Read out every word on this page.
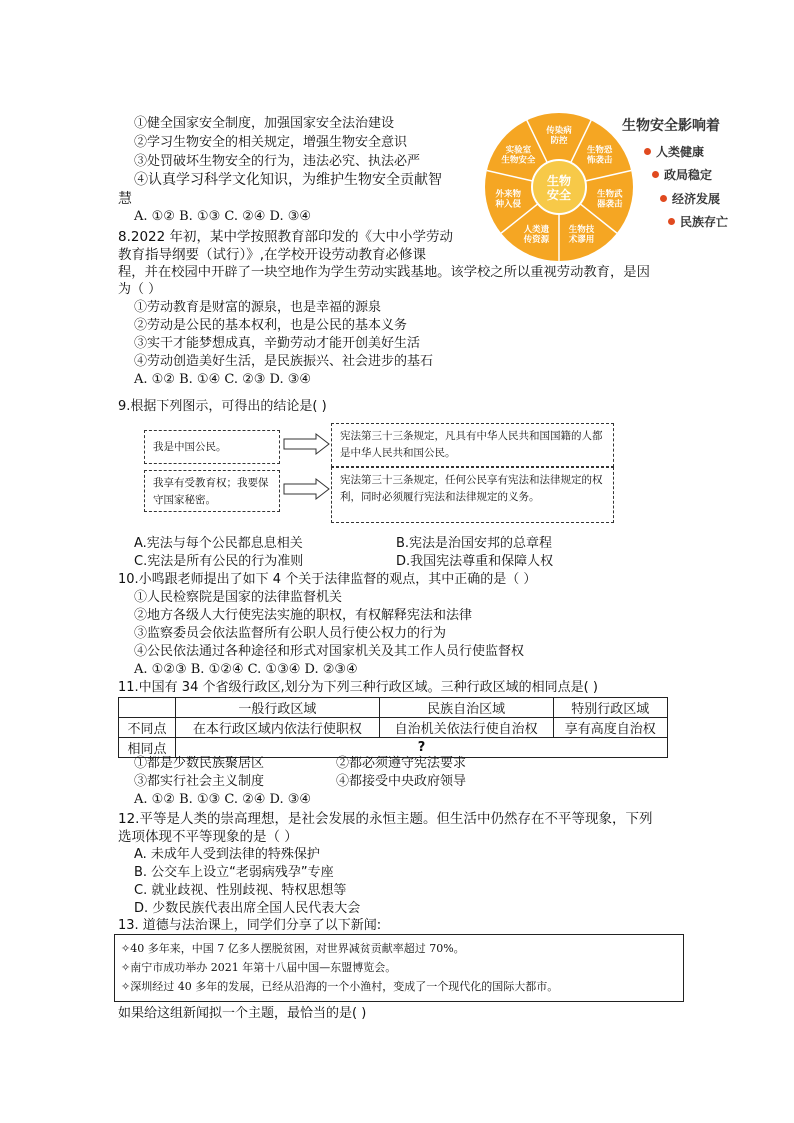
①健全国家安全制度，加强国家安全法治建设
②学习生物安全的相关规定，增强生物安全意识
③处罚破坏生物安全的行为，违法必究、执法必严
④认真学习科学文化知识，为维护生物安全贡献智
慧
A. ①② B. ①③ C. ②④ D. ③④
传染病防控
生物恐怖袭击
生物武器袭击
生物技术谬用
人类遗传资源
外来物种入侵
实验室生物安全
生物安全
生物安全影响着
人类健康
政局稳定
经济发展
民族存亡
8.2022 年初，某中学按照教育部印发的《大中小学劳动
教育指导纲要（试行）》,在学校开设劳动教育必修课
程，并在校园中开辟了一块空地作为学生劳动实践基地。该学校之所以重视劳动教育，是因
为（ ）
①劳动教育是财富的源泉，也是幸福的源泉
②劳动是公民的基本权利，也是公民的基本义务
③实干才能梦想成真，辛勤劳动才能开创美好生活
④劳动创造美好生活，是民族振兴、社会进步的基石
A. ①② B. ①④ C. ②③ D. ③④
9.根据下列图示，可得出的结论是( )
我是中国公民。
宪法第三十三条规定，凡具有中华人民共和国国籍的人都是中华人民共和国公民。
我享有受教育权；我要保守国家秘密。
宪法第三十三条规定，任何公民享有宪法和法律规定的权利，同时必须履行宪法和法律规定的义务。
A.宪法与每个公民都息息相关	B.宪法是治国安邦的总章程
C.宪法是所有公民的行为准则	D.我国宪法尊重和保障人权
10.小鸣跟老师提出了如下 4 个关于法律监督的观点，其中正确的是（ ）
①人民检察院是国家的法律监督机关
②地方各级人大行使宪法实施的职权，有权解释宪法和法律
③监察委员会依法监督所有公职人员行使公权力的行为
④公民依法通过各种途径和形式对国家机关及其工作人员行使监督权
A. ①②③ B. ①②④ C. ①③④ D. ②③④
11.中国有 34 个省级行政区,划分为下列三种行政区域。三种行政区域的相同点是( )
	一般行政区域	民族自治区域	特别行政区域
不同点	在本行政区域内依法行使职权	自治机关依法行使自治权	享有高度自治权
相同点	?		
①都是少数民族聚居区	②都必须遵守宪法要求
③都实行社会主义制度	④都接受中央政府领导
A. ①② B. ①③ C. ②④ D. ③④
12.平等是人类的崇高理想，是社会发展的永恒主题。但生活中仍然存在不平等现象，下列
选项体现不平等现象的是（ ）
A. 未成年人受到法律的特殊保护
B. 公交车上设立“老弱病残孕”专座
C. 就业歧视、性别歧视、特权思想等
D. 少数民族代表出席全国人民代表大会
13. 道德与法治课上，同学们分享了以下新闻:
✧40 多年来，中国 7 亿多人摆脱贫困，对世界减贫贡献率超过 70%。
✧南宁市成功举办 2021 年第十八届中国—东盟博览会。
✧深圳经过 40 多年的发展，已经从沿海的一个小渔村，变成了一个现代化的国际大都市。
如果给这组新闻拟一个主题，最恰当的是( )
